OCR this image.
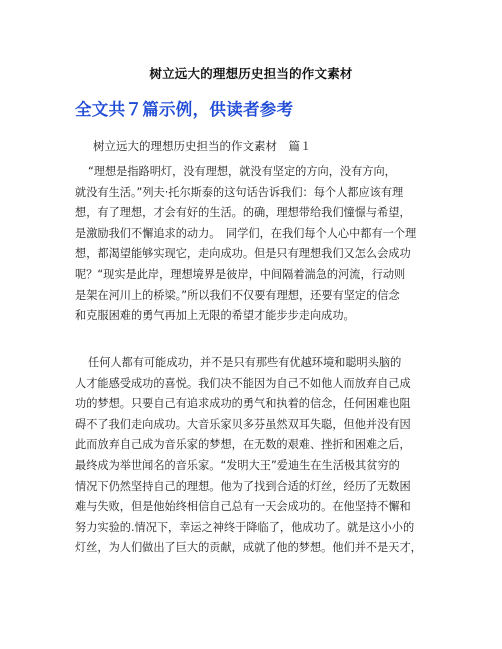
树立远大的理想历史担当的作文素材
全文共７篇示例，供读者参考
树立远大的理想历史担当的作文素材　篇１
“理想是指路明灯，没有理想，就没有坚定的方向，没有方向，
就没有生活。”列夫·托尔斯泰的这句话告诉我们：每个人都应该有理
想，有了理想，才会有好的生活。的确，理想带给我们憧憬与希望，
是激励我们不懈追求的动力。　同学们，在我们每个人心中都有一个理
想，都渴望能够实现它，走向成功。但是只有理想我们又怎么会成功
呢？“现实是此岸，理想境界是彼岸，中间隔着湍急的河流，行动则
是架在河川上的桥梁。”所以我们不仅要有理想，还要有坚定的信念
和克服困难的勇气再加上无限的希望才能步步走向成功。
任何人都有可能成功，并不是只有那些有优越环境和聪明头脑的
人才能感受成功的喜悦。我们决不能因为自己不如他人而放弃自己成
功的梦想。只要自己有追求成功的勇气和执着的信念，任何困难也阻
碍不了我们走向成功。大音乐家贝多芬虽然双耳失聪，但他并没有因
此而放弃自己成为音乐家的梦想，在无数的艰难、挫折和困难之后，
最终成为举世闻名的音乐家。“发明大王”爱迪生在生活极其贫穷的
情况下仍然坚持自己的理想。他为了找到合适的灯丝，经历了无数困
难与失败，但是他始终相信自己总有一天会成功的。在他坚持不懈和
努力实验的.情况下，幸运之神终于降临了，他成功了。就是这小小的
灯丝，为人们做出了巨大的贡献，成就了他的梦想。他们并不是天才，
